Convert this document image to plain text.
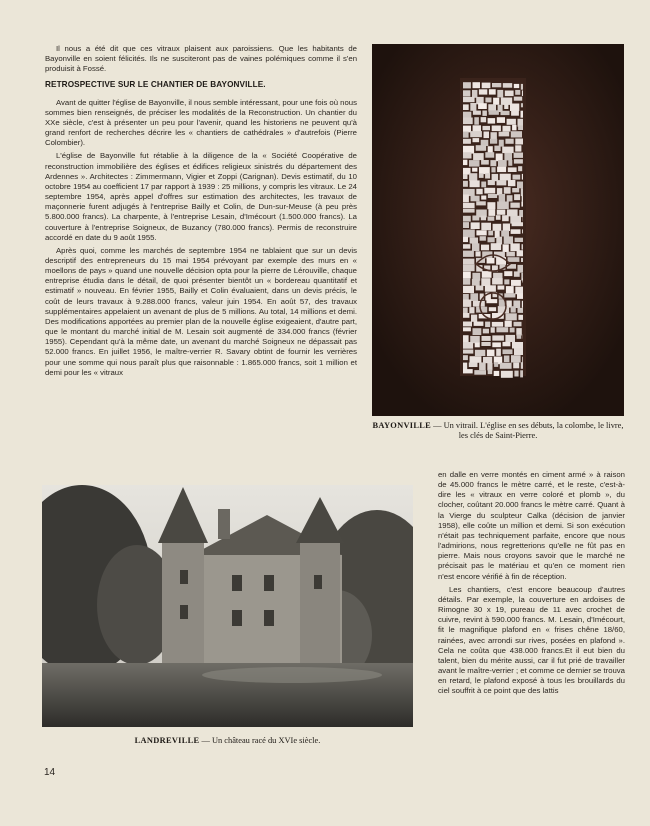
Il nous a été dit que ces vitraux plaisent aux paroissiens. Que les habitants de Bayonville en soient félicités. Ils ne susciteront pas de vaines polémiques comme il s'en produisit à Fossé.

RETROSPECTIVE SUR LE CHANTIER DE BAYONVILLE.

Avant de quitter l'église de Bayonville, il nous semble intéressant, pour une fois où nous sommes bien renseignés, de préciser les modalités de la Reconstruction. Un chantier du XXe siècle, c'est à présenter un peu pour l'avenir, quand les historiens ne peuvent qu'à grand renfort de recherches décrire les « chantiers de cathédrales » d'autrefois (Pierre Colombier).

L'église de Bayonville fut rétablie à la diligence de la « Société Coopérative de reconstruction immobilière des églises et édifices religieux sinistrés du département des Ardennes ». Architectes : Zimmermann, Vigier et Zoppi (Carignan). Devis estimatif, du 10 octobre 1954 au coefficient 17 par rapport à 1939 : 25 millions, y compris les vitraux. Le 24 septembre 1954, après appel d'offres sur estimation des architectes, les travaux de maçonnerie furent adjugés à l'entreprise Bailly et Colin, de Dun-sur-Meuse (à peu près 5.800.000 francs). La charpente, à l'entreprise Lesain, d'Imécourt (1.500.000 francs). La couverture à l'entreprise Soigneux, de Buzancy (780.000 francs). Permis de reconstruire accordé en date du 9 août 1955.

Après quoi, comme les marchés de septembre 1954 ne tablaient que sur un devis descriptif des entrepreneurs du 15 mai 1954 prévoyant par exemple des murs en « moellons de pays » quand une nouvelle décision opta pour la pierre de Lérouville, chaque entreprise étudia dans le détail, de quoi présenter bientôt un « bordereau quantitatif et estimatif » nouveau. En février 1955, Bailly et Colin évaluaient, dans un devis précis, le coût de leurs travaux à 9.288.000 francs, valeur juin 1954. En août 57, des travaux supplémentaires appelaient un avenant de plus de 5 millions. Au total, 14 millions et demi. Des modifications apportées au premier plan de la nouvelle église exigeaient, d'autre part, que le montant du marché initial de M. Lesain soit augmenté de 334.000 francs (février 1955). Cependant qu'à la même date, un avenant du marché Soigneux ne dépassait pas 52.000 francs. En juillet 1956, le maître-verrier R. Savary obtint de fournir les verrières pour une somme qui nous paraît plus que raisonnable : 1.865.000 francs, soit 1 million et demi pour les « vitraux

BAYONVILLE — Un vitrail. L'église en ses débuts, la colombe, le livre, les clés de Saint-Pierre.
LANDREVILLE — Un château racé du XVIe siècle.

en dalle en verre montés en ciment armé » à raison de 45.000 francs le mètre carré, et le reste, c'est-à-dire les « vitraux en verre coloré et plomb », du clocher, coûtant 20.000 francs le mètre carré. Quant à la Vierge du sculpteur Calka (décision de janvier 1958), elle coûte un million et demi. Si son exécution n'était pas techniquement parfaite, encore que nous l'admirions, nous regretterions qu'elle ne fût pas en pierre. Mais nous croyons savoir que le marché ne précisait pas le matériau et qu'en ce moment rien n'est encore vérifié à fin de réception.

Les chantiers, c'est encore beaucoup d'autres détails. Par exemple, la couverture en ardoises de Rimogne 30 x 19, pureau de 11 avec crochet de cuivre, revint à 590.000 francs. M. Lesain, d'Imécourt, fit le magnifique plafond en « frises chêne 18/60, rainées, avec arrondi sur rives, posées en plafond ». Cela ne coûta que 438.000 francs.Et il eut bien du talent, bien du mérite aussi, car il fut prié de travailler avant le maître-verrier ; et comme ce dernier se trouva en retard, le plafond exposé à tous les brouillards du ciel souffrit à ce point que des lattis

14
